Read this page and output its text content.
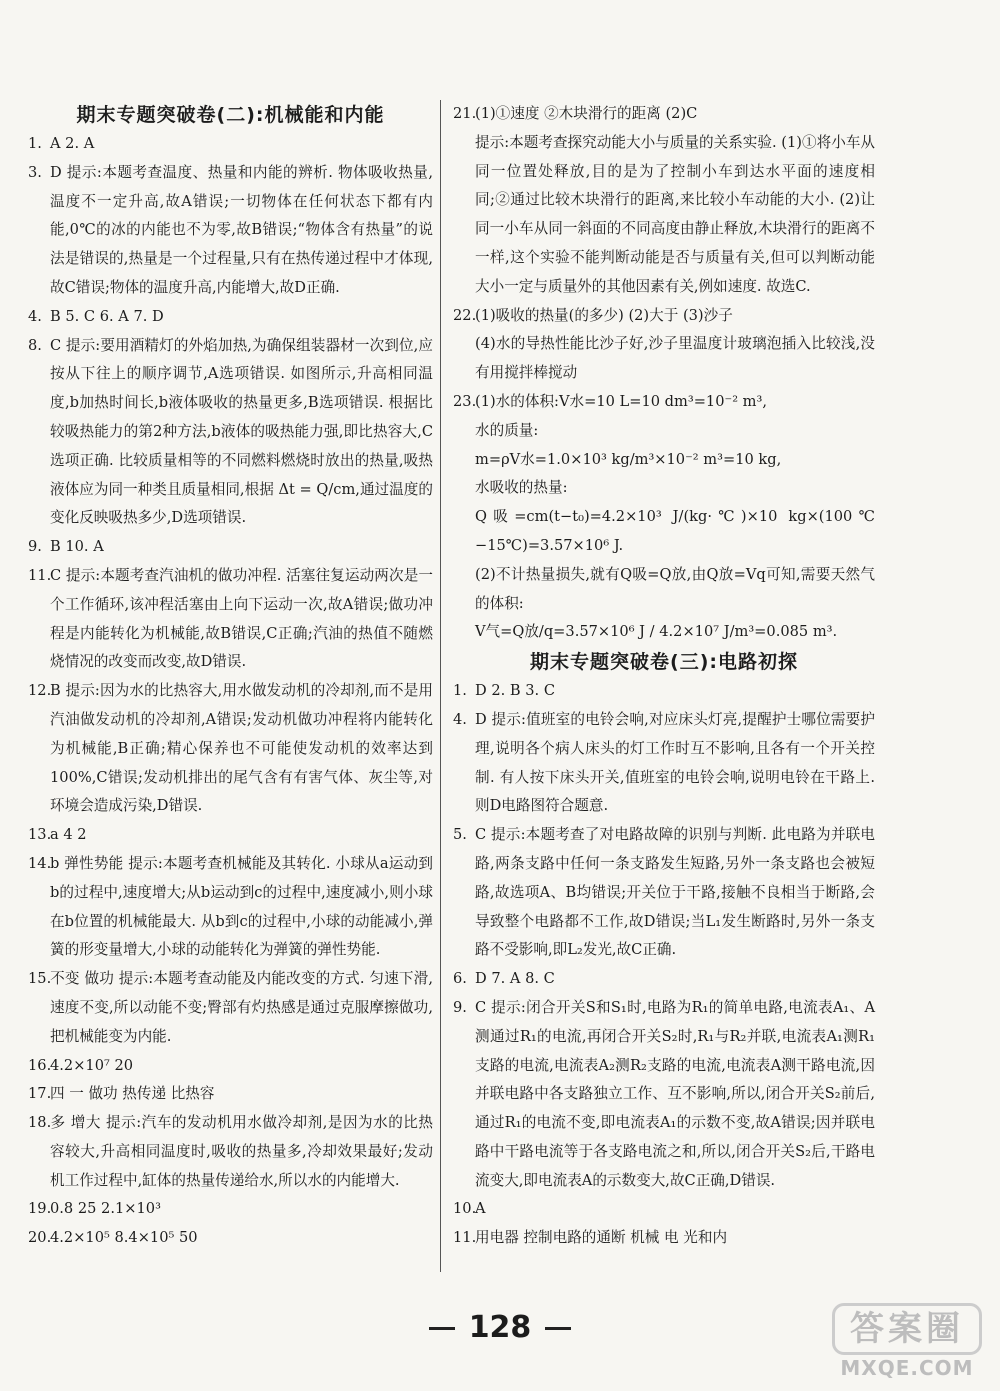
期末专题突破卷(二):机械能和内能
1. A 2. A
3. D 提示:本题考查温度、热量和内能的辨析. 物体吸收热量,温度不一定升高,故A错误;一切物体在任何状态下都有内能,0℃的冰的内能也不为零,故B错误;“物体含有热量”的说法是错误的,热量是一个过程量,只有在热传递过程中才体现,故C错误;物体的温度升高,内能增大,故D正确.
4. B 5. C 6. A 7. D
8. C 提示:要用酒精灯的外焰加热,为确保组装器材一次到位,应按从下往上的顺序调节,A选项错误. 如图所示,升高相同温度,b加热时间长,b液体吸收的热量更多,B选项错误. 根据比较吸热能力的第2种方法,b液体的吸热能力强,即比热容大,C选项正确. 比较质量相等的不同燃料燃烧时放出的热量,吸热液体应为同一种类且质量相同,根据 Δt = Q/cm,通过温度的变化反映吸热多少,D选项错误.
9. B 10. A
11.C 提示:本题考查汽油机的做功冲程. 活塞往复运动两次是一个工作循环,该冲程活塞由上向下运动一次,故A错误;做功冲程是内能转化为机械能,故B错误,C正确;汽油的热值不随燃烧情况的改变而改变,故D错误.
12.B 提示:因为水的比热容大,用水做发动机的冷却剂,而不是用汽油做发动机的冷却剂,A错误;发动机做功冲程将内能转化为机械能,B正确;精心保养也不可能使发动机的效率达到100%,C错误;发动机排出的尾气含有有害气体、灰尘等,对环境会造成污染,D错误.
13.a 4 2
14.b 弹性势能 提示:本题考查机械能及其转化. 小球从a运动到b的过程中,速度增大;从b运动到c的过程中,速度减小,则小球在b位置的机械能最大. 从b到c的过程中,小球的动能减小,弹簧的形变量增大,小球的动能转化为弹簧的弹性势能.
15.不变 做功 提示:本题考查动能及内能改变的方式. 匀速下滑,速度不变,所以动能不变;臀部有灼热感是通过克服摩擦做功,把机械能变为内能.
16.4.2×10⁷ 20
17.四 一 做功 热传递 比热容
18.多 增大 提示:汽车的发动机用水做冷却剂,是因为水的比热容较大,升高相同温度时,吸收的热量多,冷却效果最好;发动机工作过程中,缸体的热量传递给水,所以水的内能增大.
19.0.8 25 2.1×10³
20.4.2×10⁵ 8.4×10⁵ 50
21.(1)①速度 ②木块滑行的距离 (2)C
提示:本题考查探究动能大小与质量的关系实验. (1)①将小车从同一位置处释放,目的是为了控制小车到达水平面的速度相同;②通过比较木块滑行的距离,来比较小车动能的大小. (2)让同一小车从同一斜面的不同高度由静止释放,木块滑行的距离不一样,这个实验不能判断动能是否与质量有关,但可以判断动能大小一定与质量外的其他因素有关,例如速度. 故选C.
22.(1)吸收的热量(的多少) (2)大于 (3)沙子
(4)水的导热性能比沙子好,沙子里温度计玻璃泡插入比较浅,没有用搅拌棒搅动
23.(1)水的体积:V水=10 L=10 dm³=10⁻² m³,
水的质量:
m=ρV水=1.0×10³ kg/m³×10⁻² m³=10 kg,
水吸收的热量:
Q吸=cm(t−t₀)=4.2×10³ J/(kg·℃)×10 kg×(100℃−15℃)=3.57×10⁶ J.
(2)不计热量损失,就有Q吸=Q放,由Q放=Vq可知,需要天然气的体积:
V气=Q放/q=3.57×10⁶ J / 4.2×10⁷ J/m³=0.085 m³.
期末专题突破卷(三):电路初探
1. D 2. B 3. C
4. D 提示:值班室的电铃会响,对应床头灯亮,提醒护士哪位需要护理,说明各个病人床头的灯工作时互不影响,且各有一个开关控制. 有人按下床头开关,值班室的电铃会响,说明电铃在干路上. 则D电路图符合题意.
5. C 提示:本题考查了对电路故障的识别与判断. 此电路为并联电路,两条支路中任何一条支路发生短路,另外一条支路也会被短路,故选项A、B均错误;开关位于干路,接触不良相当于断路,会导致整个电路都不工作,故D错误;当L₁发生断路时,另外一条支路不受影响,即L₂发光,故C正确.
6. D 7. A 8. C
9. C 提示:闭合开关S和S₁时,电路为R₁的简单电路,电流表A₁、A测通过R₁的电流,再闭合开关S₂时,R₁与R₂并联,电流表A₁测R₁支路的电流,电流表A₂测R₂支路的电流,电流表A测干路电流,因并联电路中各支路独立工作、互不影响,所以,闭合开关S₂前后,通过R₁的电流不变,即电流表A₁的示数不变,故A错误;因并联电路中干路电流等于各支路电流之和,所以,闭合开关S₂后,干路电流变大,即电流表A的示数变大,故C正确,D错误.
10.A
11.用电器 控制电路的通断 机械 电 光和内
128	答案圈
MXQE.COM
